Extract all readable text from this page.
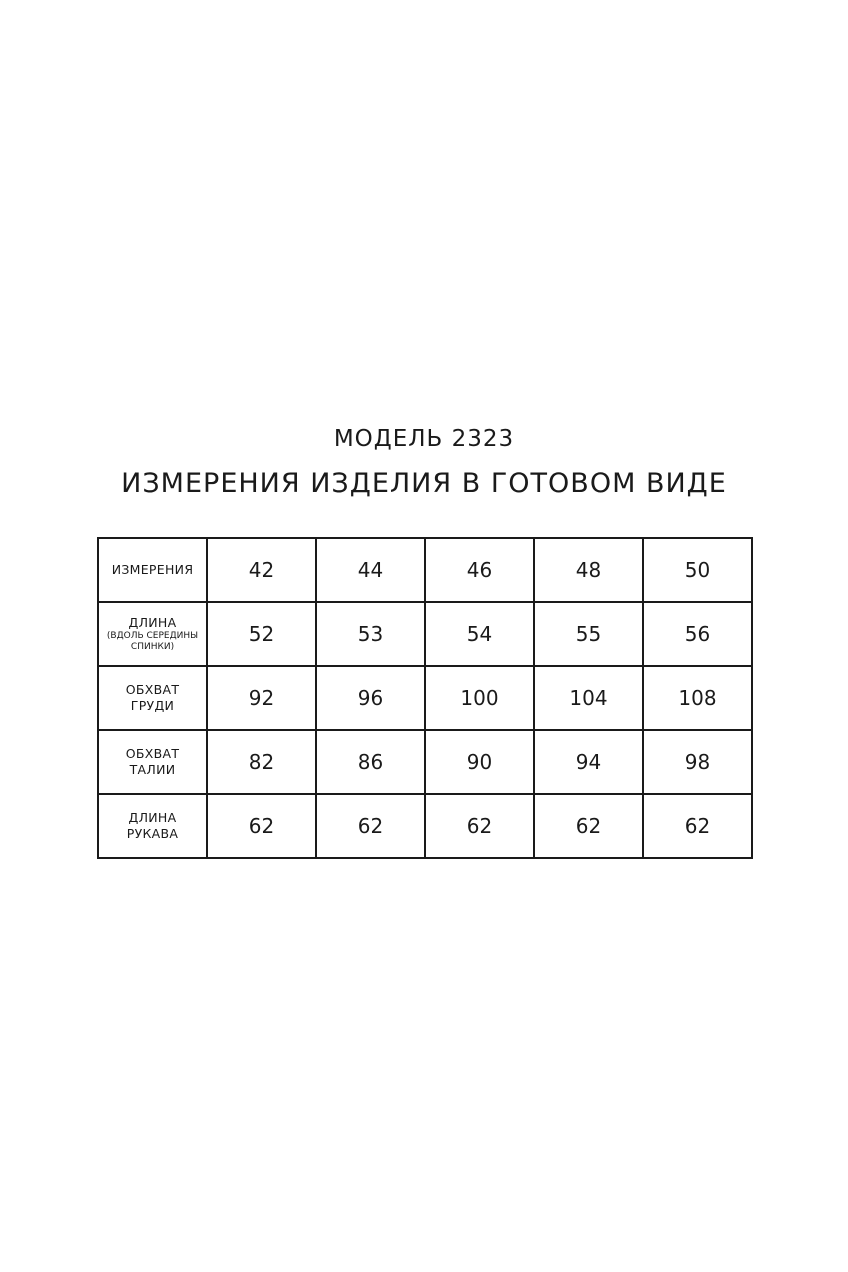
МОДЕЛЬ 2323
ИЗМЕРЕНИЯ ИЗДЕЛИЯ В ГОТОВОМ ВИДЕ
ИЗМЕРЕНИЯ	42	44	46	48	50

ДЛИНА
(ВДОЛЬ СЕРЕДИНЫ
СПИНКИ)	52	53	54	55	56

ОБХВАТ
ГРУДИ	92	96	100	104	108

ОБХВАТ
ТАЛИИ	82	86	90	94	98

ДЛИНА
РУКАВА	62	62	62	62	62
